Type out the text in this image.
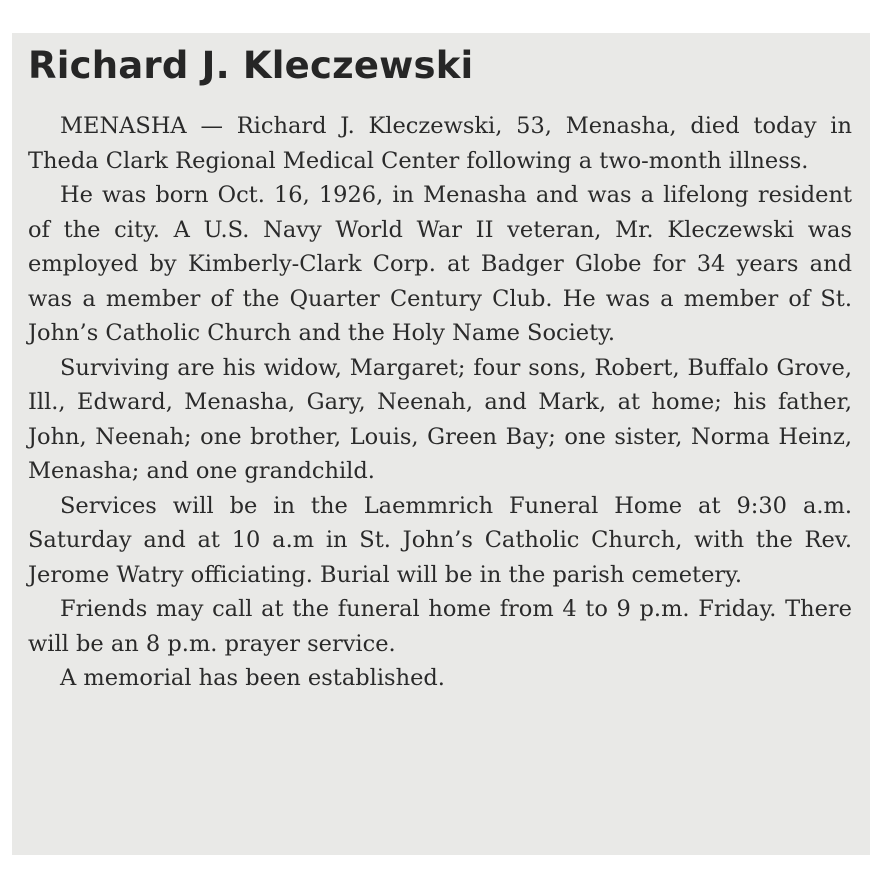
Richard J. Kleczewski

MENASHA — Richard J. Kleczewski, 53, Menasha, died today in Theda Clark Regional Medical Center following a two-month illness.

He was born Oct. 16, 1926, in Menasha and was a lifelong resident of the city. A U.S. Navy World War II veteran, Mr. Kleczewski was employed by Kimberly-Clark Corp. at Badger Globe for 34 years and was a member of the Quarter Century Club. He was a member of St. John’s Catholic Church and the Holy Name Society.

Surviving are his widow, Margaret; four sons, Robert, Buffalo Grove, Ill., Edward, Menasha, Gary, Neenah, and Mark, at home; his father, John, Neenah; one brother, Louis, Green Bay; one sister, Norma Heinz, Menasha; and one grandchild.

Services will be in the Laemmrich Funeral Home at 9:30 a.m. Saturday and at 10 a.m in St. John’s Catholic Church, with the Rev. Jerome Watry officiating. Burial will be in the parish cemetery.

Friends may call at the funeral home from 4 to 9 p.m. Friday. There will be an 8 p.m. prayer service.

A memorial has been established.
